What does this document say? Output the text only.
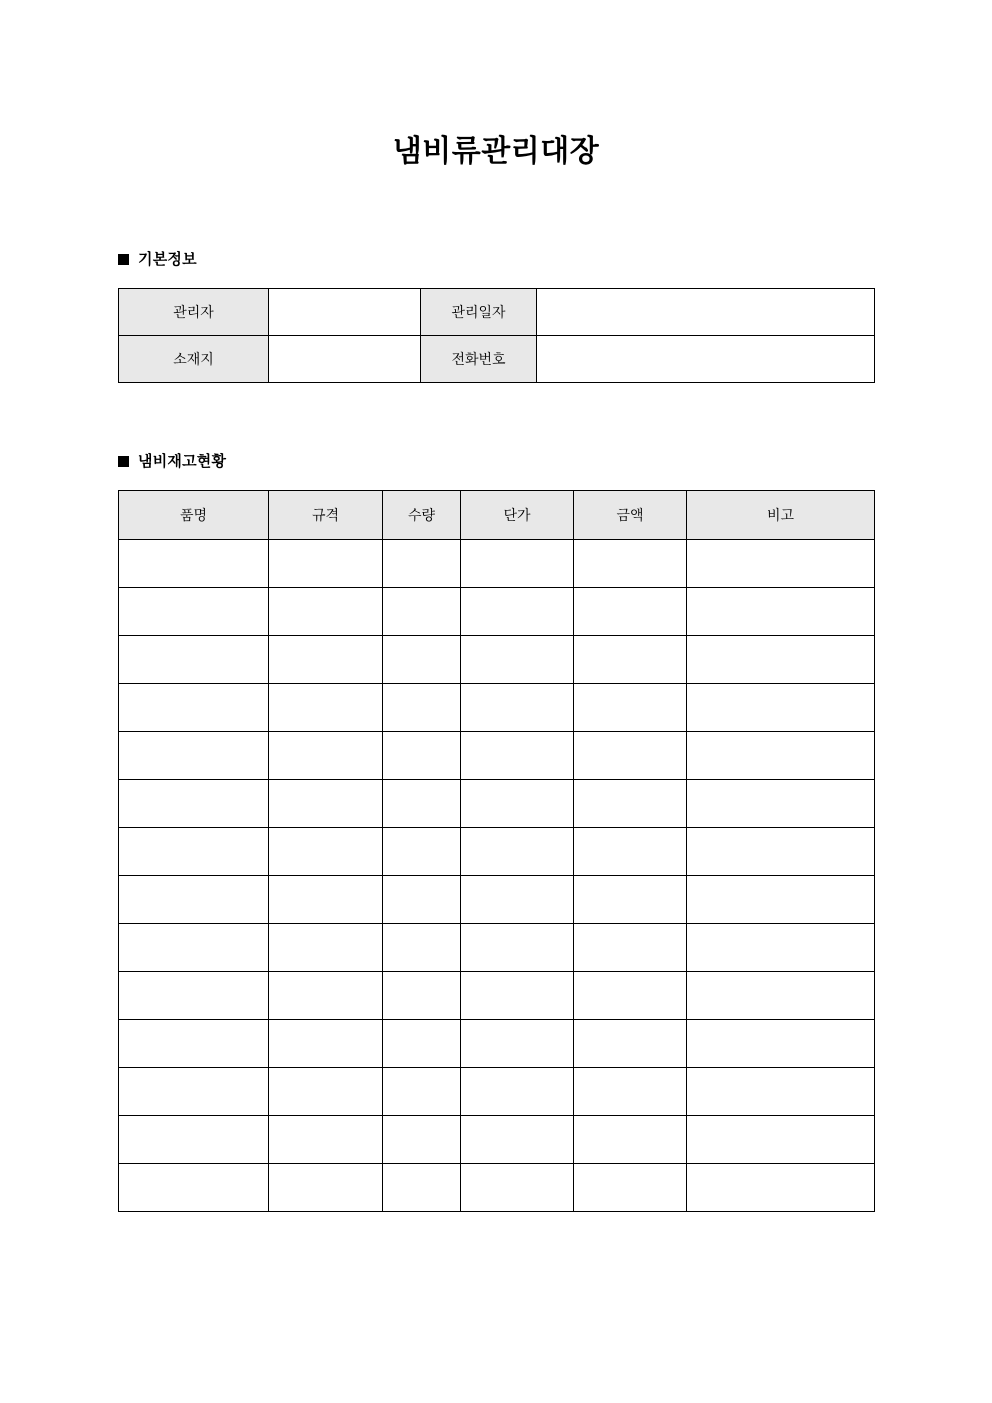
냄비류관리대장
기본정보
관리자		관리일자	
소재지		전화번호	
냄비재고현황
품명	규격	수량	단가	금액	비고
